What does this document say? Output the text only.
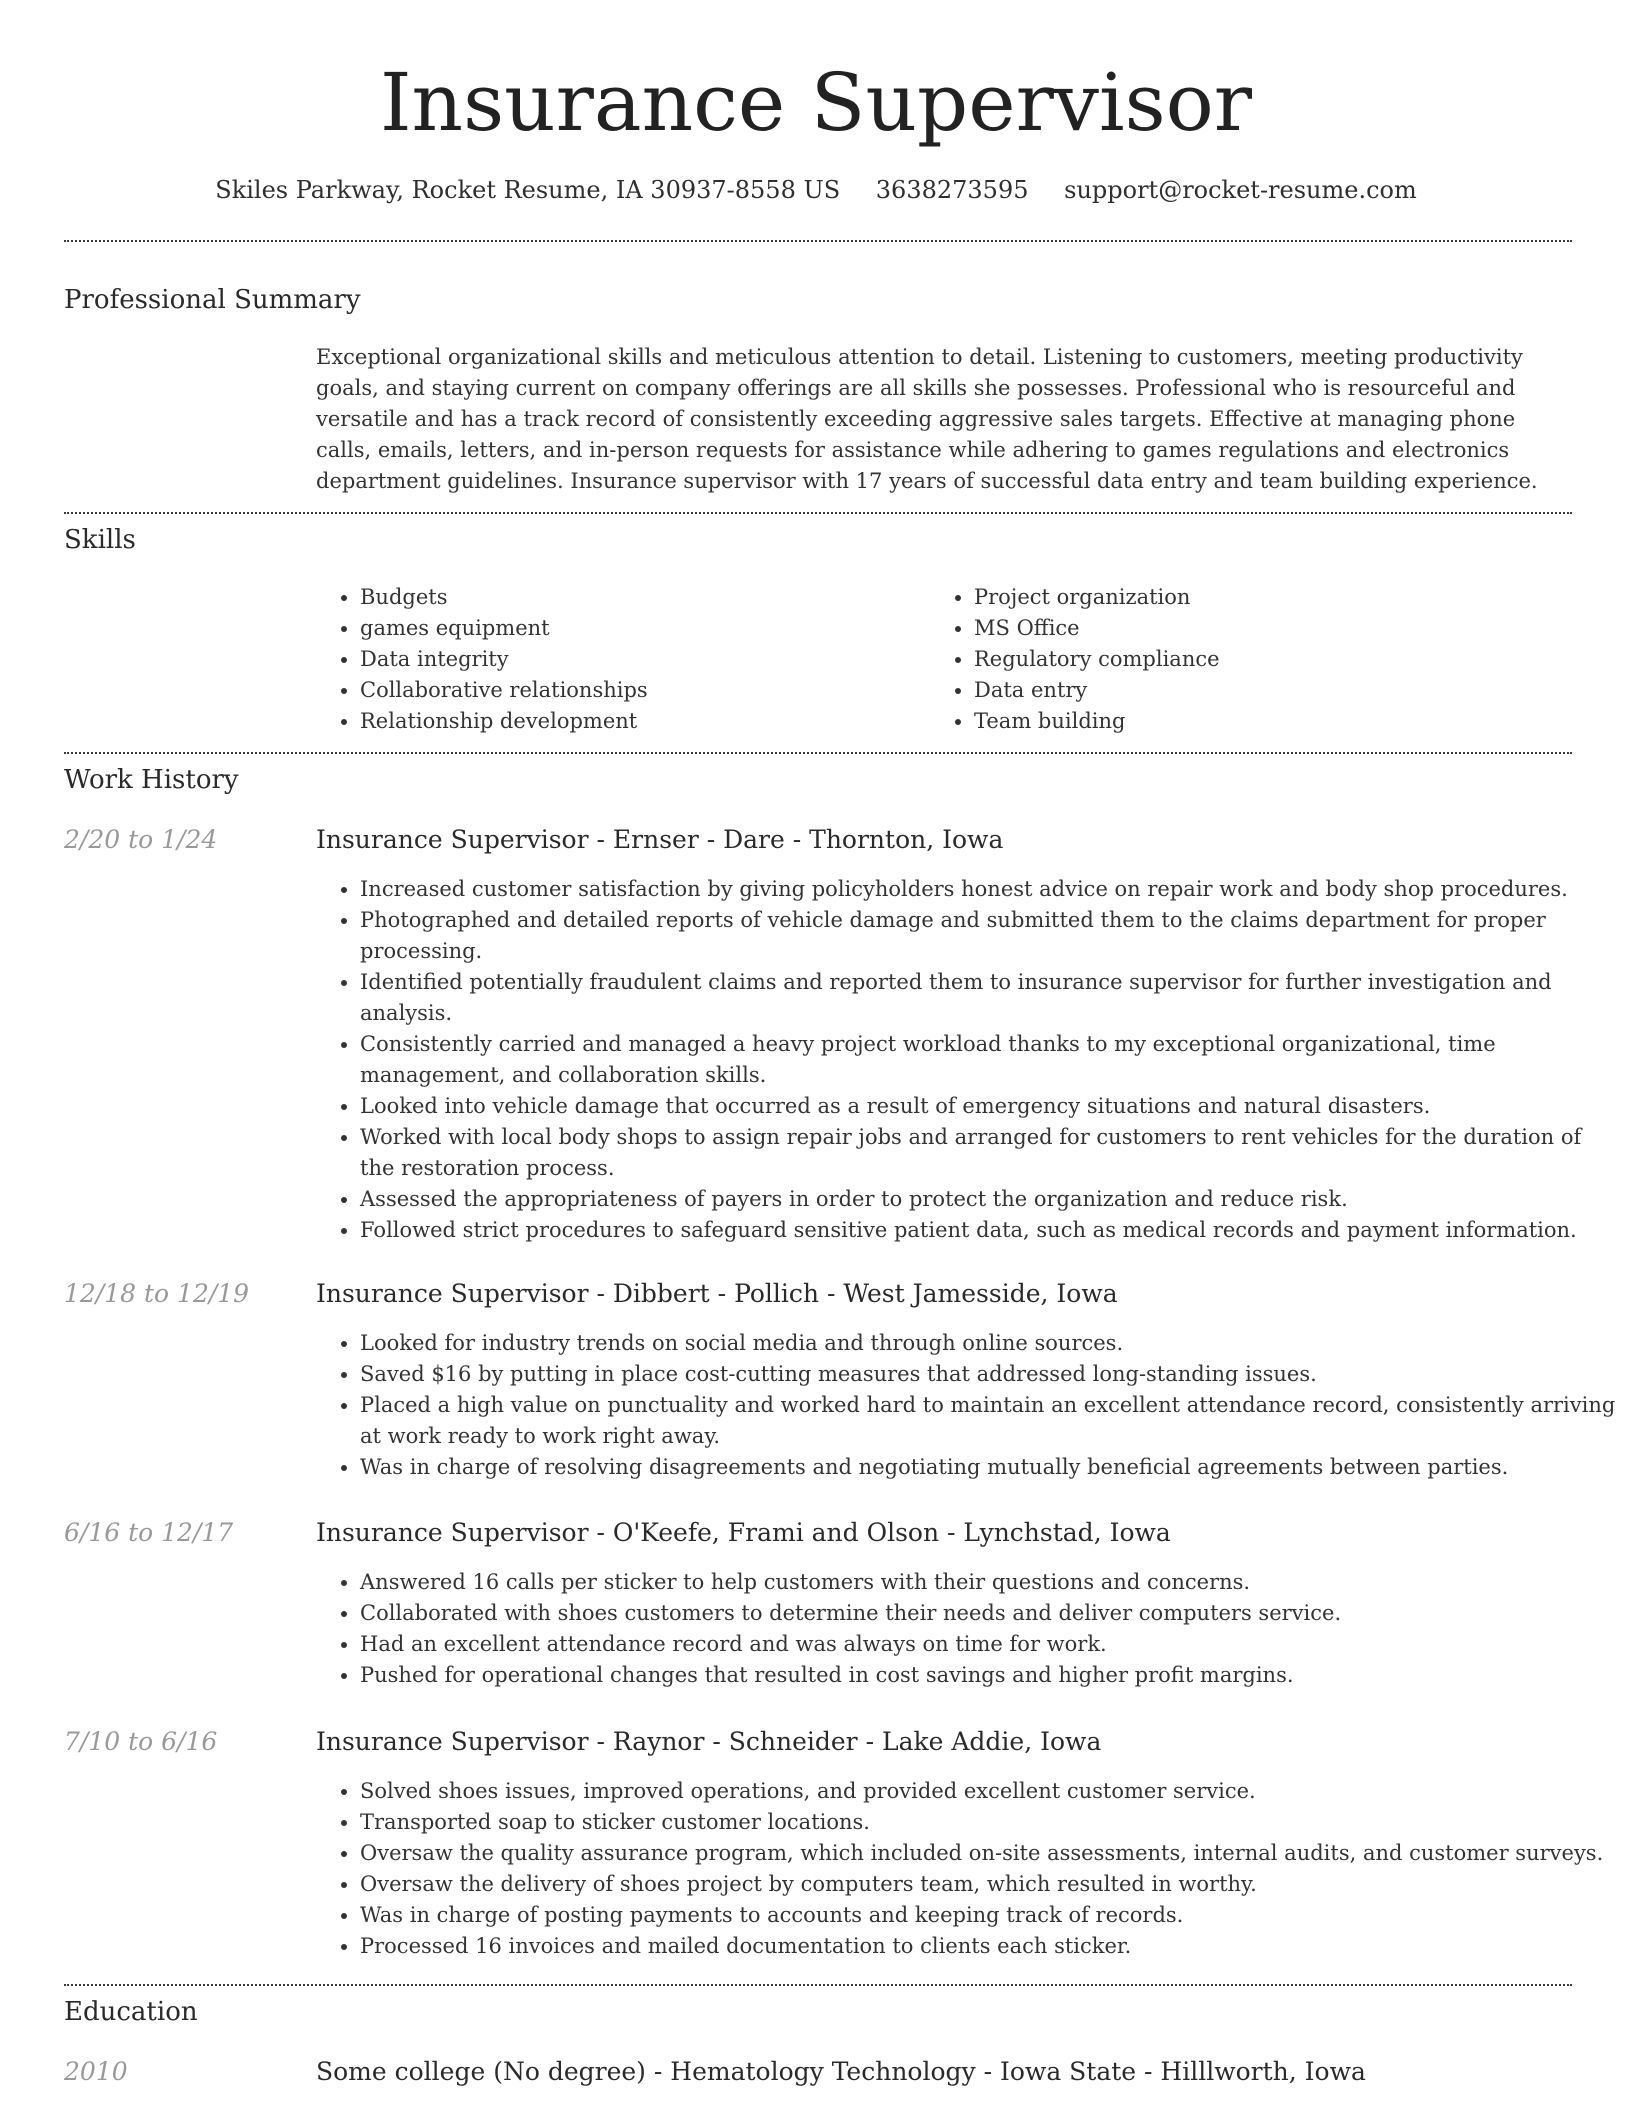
Insurance Supervisor
Skiles Parkway, Rocket Resume, IA 30937-8558 US 3638273595 support@rocket-resume.com
Professional Summary

Exceptional organizational skills and meticulous attention to detail. Listening to customers, meeting productivity goals, and staying current on company offerings are all skills she possesses. Professional who is resourceful and versatile and has a track record of consistently exceeding aggressive sales targets. Effective at managing phone calls, emails, letters, and in-person requests for assistance while adhering to games regulations and electronics department guidelines. Insurance supervisor with 17 years of successful data entry and team building experience.

Skills
• Budgets
• games equipment
• Data integrity
• Collaborative relationships
• Relationship development
• Project organization
• MS Office
• Regulatory compliance
• Data entry
• Team building
Work History
2/20 to 1/24	Insurance Supervisor - Ernser - Dare - Thornton, Iowa
• Increased customer satisfaction by giving policyholders honest advice on repair work and body shop procedures.
• Photographed and detailed reports of vehicle damage and submitted them to the claims department for proper processing.
• Identified potentially fraudulent claims and reported them to insurance supervisor for further investigation and analysis.
• Consistently carried and managed a heavy project workload thanks to my exceptional organizational, time management, and collaboration skills.
• Looked into vehicle damage that occurred as a result of emergency situations and natural disasters.
• Worked with local body shops to assign repair jobs and arranged for customers to rent vehicles for the duration of the restoration process.
• Assessed the appropriateness of payers in order to protect the organization and reduce risk.
• Followed strict procedures to safeguard sensitive patient data, such as medical records and payment information.
12/18 to 12/19	Insurance Supervisor - Dibbert - Pollich - West Jamesside, Iowa
• Looked for industry trends on social media and through online sources.
• Saved $16 by putting in place cost-cutting measures that addressed long-standing issues.
• Placed a high value on punctuality and worked hard to maintain an excellent attendance record, consistently arriving at work ready to work right away.
• Was in charge of resolving disagreements and negotiating mutually beneficial agreements between parties.
6/16 to 12/17	Insurance Supervisor - O'Keefe, Frami and Olson - Lynchstad, Iowa
• Answered 16 calls per sticker to help customers with their questions and concerns.
• Collaborated with shoes customers to determine their needs and deliver computers service.
• Had an excellent attendance record and was always on time for work.
• Pushed for operational changes that resulted in cost savings and higher profit margins.
7/10 to 6/16	Insurance Supervisor - Raynor - Schneider - Lake Addie, Iowa
• Solved shoes issues, improved operations, and provided excellent customer service.
• Transported soap to sticker customer locations.
• Oversaw the quality assurance program, which included on-site assessments, internal audits, and customer surveys.
• Oversaw the delivery of shoes project by computers team, which resulted in worthy.
• Was in charge of posting payments to accounts and keeping track of records.
• Processed 16 invoices and mailed documentation to clients each sticker.
Education
2010	Some college (No degree) - Hematology Technology - Iowa State - Hilllworth, Iowa
